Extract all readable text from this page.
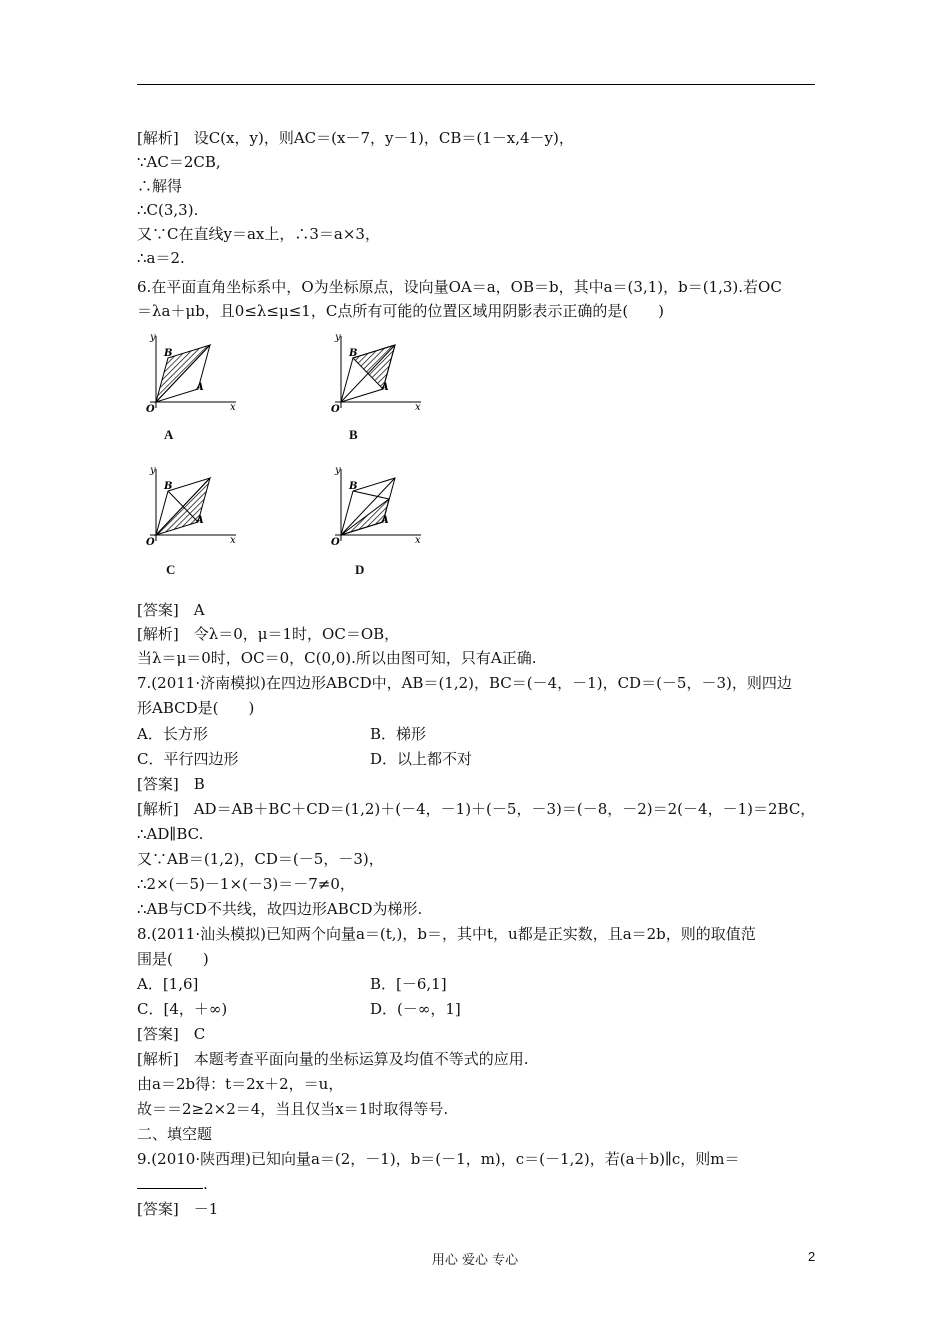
[解析]　设C(x，y)，则AC＝(x－7，y－1)，CB＝(1－x,4－y)，
∵AC＝2CB,
∴解得
∴C(3,3).
又∵C在直线y＝ax上，∴3＝a×3，
∴a＝2.
6.在平面直角坐标系中，O为坐标原点，设向量OA＝a，OB＝b，其中a＝(3,1)，b＝(1,3).若OC
＝λa＋μb，且0≤λ≤μ≤1，C点所有可能的位置区域用阴影表示正确的是(　　)
y
x
O
B
A
A
y
x
O
B
A
B
y
x
O
B
A
C
y
x
O
B
A
D
[答案]　A
[解析]　令λ＝0，μ＝1时，OC＝OB，
当λ＝μ＝0时，OC＝0，C(0,0).所以由图可知，只有A正确.
7.(2011·济南模拟)在四边形ABCD中，AB＝(1,2)，BC＝(－4，－1)，CD＝(－5，－3)，则四边
形ABCD是(　　)
A．长方形	B．梯形
C．平行四边形	D．以上都不对
[答案]　B
[解析]　AD＝AB＋BC＋CD＝(1,2)＋(－4，－1)＋(－5，－3)＝(－8，－2)＝2(－4，－1)＝2BC，
∴AD∥BC.
又∵AB＝(1,2)，CD＝(－5，－3)，
∴2×(－5)－1×(－3)＝－7≠0，
∴AB与CD不共线，故四边形ABCD为梯形.
8.(2011·汕头模拟)已知两个向量a＝(t,)，b＝，其中t，u都是正实数，且a＝2b，则的取值范
围是(　　)
A．[1,6]	B．[－6,1]
C．[4，＋∞)	D．(－∞，1]
[答案]　C
[解析]　本题考查平面向量的坐标运算及均值不等式的应用.
由a＝2b得：t＝2x＋2，＝u，
故＝＝2≥2×2＝4，当且仅当x＝1时取得等号.
二、填空题
9.(2010·陕西理)已知向量a＝(2，－1)，b＝(－1，m)，c＝(－1,2)，若(a＋b)∥c，则m＝
.
[答案]　－1
用心 爱心 专心	2
